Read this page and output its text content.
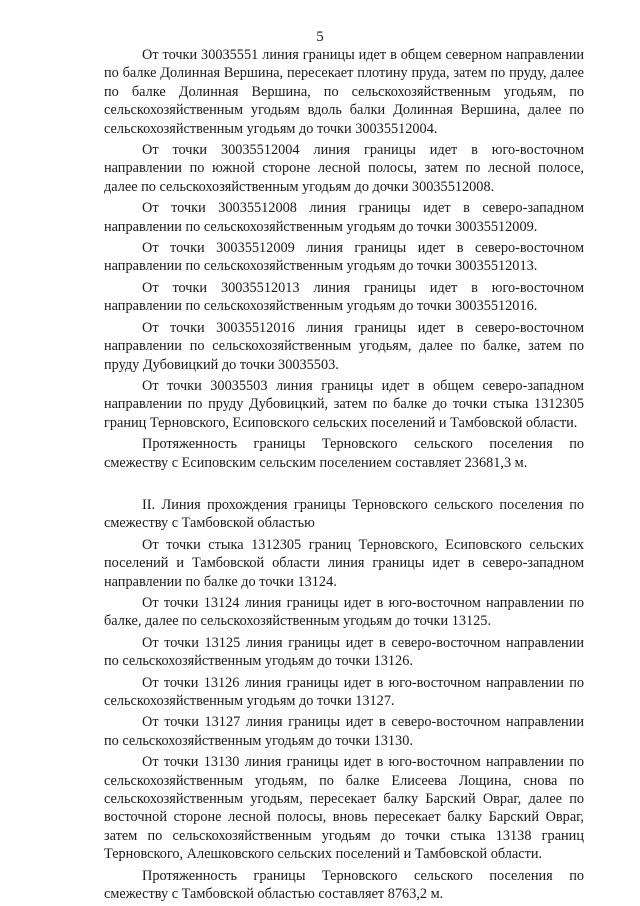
5

От точки 30035551 линия границы идет в общем северном направлении по балке Долинная Вершина, пересекает плотину пруда, затем по пруду, далее по балке Долинная Вершина, по сельскохозяйственным угодьям, по сельскохозяйственным угодьям вдоль балки Долинная Вершина, далее по сельскохозяйственным угодьям до точки 30035512004.

От точки 30035512004 линия границы идет в юго-восточном направлении по южной стороне лесной полосы, затем по лесной полосе, далее по сельскохозяйственным угодьям до дочки 30035512008.

От точки 30035512008 линия границы идет в северо-западном направлении по сельскохозяйственным угодьям до точки 30035512009.

От точки 30035512009 линия границы идет в северо-восточном направлении по сельскохозяйственным угодьям до точки 30035512013.

От точки 30035512013 линия границы идет в юго-восточном направлении по сельскохозяйственным угодьям до точки 30035512016.

От точки 30035512016 линия границы идет в северо-восточном направлении по сельскохозяйственным угодьям, далее по балке, затем по пруду Дубовицкий до точки 30035503.

От точки 30035503 линия границы идет в общем северо-западном направлении по пруду Дубовицкий, затем по балке до точки стыка 1312305 границ Терновского, Есиповского сельских поселений и Тамбовской области.

Протяженность границы Терновского сельского поселения по смежеству с Есиповским сельским поселением составляет 23681,3 м.

II. Линия прохождения границы Терновского сельского поселения по смежеству с Тамбовской областью

От точки стыка 1312305 границ Терновского, Есиповского сельских поселений и Тамбовской области линия границы идет в северо-западном направлении по балке до точки 13124.

От точки 13124 линия границы идет в юго-восточном направлении по балке, далее по сельскохозяйственным угодьям до точки 13125.

От точки 13125 линия границы идет в северо-восточном направлении по сельскохозяйственным угодьям до точки 13126.

От точки 13126 линия границы идет в юго-восточном направлении по сельскохозяйственным угодьям до точки 13127.

От точки 13127 линия границы идет в северо-восточном направлении по сельскохозяйственным угодьям до точки 13130.

От точки 13130 линия границы идет в юго-восточном направлении по сельскохозяйственным угодьям, по балке Елисеева Лощина, снова по сельскохозяйственным угодьям, пересекает балку Барский Овраг, далее по восточной стороне лесной полосы, вновь пересекает балку Барский Овраг, затем по сельскохозяйственным угодьям до точки стыка 13138 границ Терновского, Алешковского сельских поселений и Тамбовской области.

Протяженность границы Терновского сельского поселения по смежеству с Тамбовской областью составляет 8763,2 м.
